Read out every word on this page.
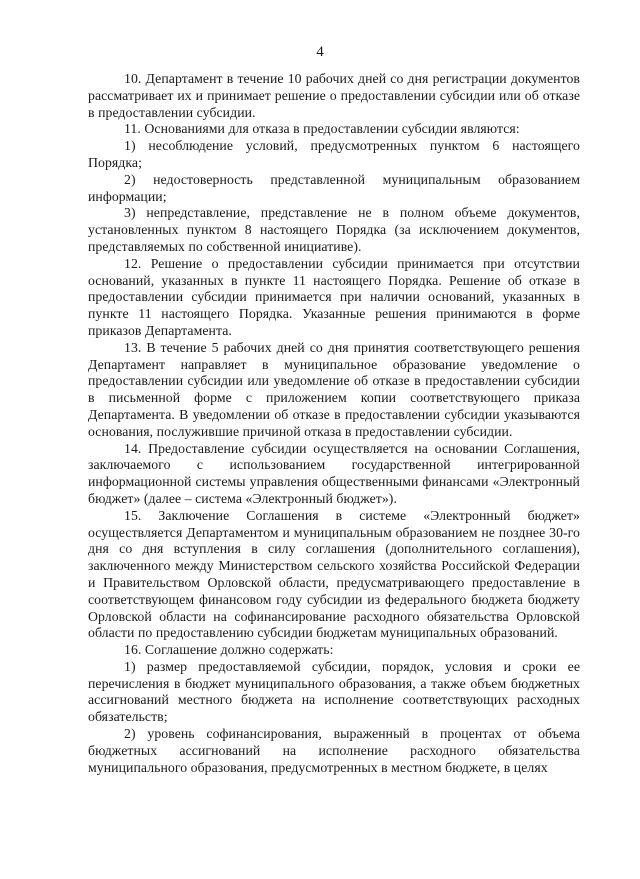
4

10. Департамент в течение 10 рабочих дней со дня регистрации документов рассматривает их и принимает решение о предоставлении субсидии или об отказе в предоставлении субсидии.

11. Основаниями для отказа в предоставлении субсидии являются:

1) несоблюдение условий, предусмотренных пунктом 6 настоящего Порядка;

2) недостоверность представленной муниципальным образованием информации;

3) непредставление, представление не в полном объеме документов, установленных пунктом 8 настоящего Порядка (за исключением документов, представляемых по собственной инициативе).

12. Решение о предоставлении субсидии принимается при отсутствии оснований, указанных в пункте 11 настоящего Порядка. Решение об отказе в предоставлении субсидии принимается при наличии оснований, указанных в пункте 11 настоящего Порядка. Указанные решения принимаются в форме приказов Департамента.

13. В течение 5 рабочих дней со дня принятия соответствующего решения Департамент направляет в муниципальное образование уведомление о предоставлении субсидии или уведомление об отказе в предоставлении субсидии в письменной форме с приложением копии соответствующего приказа Департамента. В уведомлении об отказе в предоставлении субсидии указываются основания, послужившие причиной отказа в предоставлении субсидии.

14. Предоставление субсидии осуществляется на основании Соглашения, заключаемого с использованием государственной интегрированной информационной системы управления общественными финансами «Электронный бюджет» (далее – система «Электронный бюджет»).

15. Заключение Соглашения в системе «Электронный бюджет» осуществляется Департаментом и муниципальным образованием не позднее 30-го дня со дня вступления в силу соглашения (дополнительного соглашения), заключенного между Министерством сельского хозяйства Российской Федерации и Правительством Орловской области, предусматривающего предоставление в соответствующем финансовом году субсидии из федерального бюджета бюджету Орловской области на софинансирование расходного обязательства Орловской области по предоставлению субсидии бюджетам муниципальных образований.

16. Соглашение должно содержать:

1) размер предоставляемой субсидии, порядок, условия и сроки ее перечисления в бюджет муниципального образования, а также объем бюджетных ассигнований местного бюджета на исполнение соответствующих расходных обязательств;

2) уровень софинансирования, выраженный в процентах от объема бюджетных ассигнований на исполнение расходного обязательства муниципального образования, предусмотренных в местном бюджете, в целях
